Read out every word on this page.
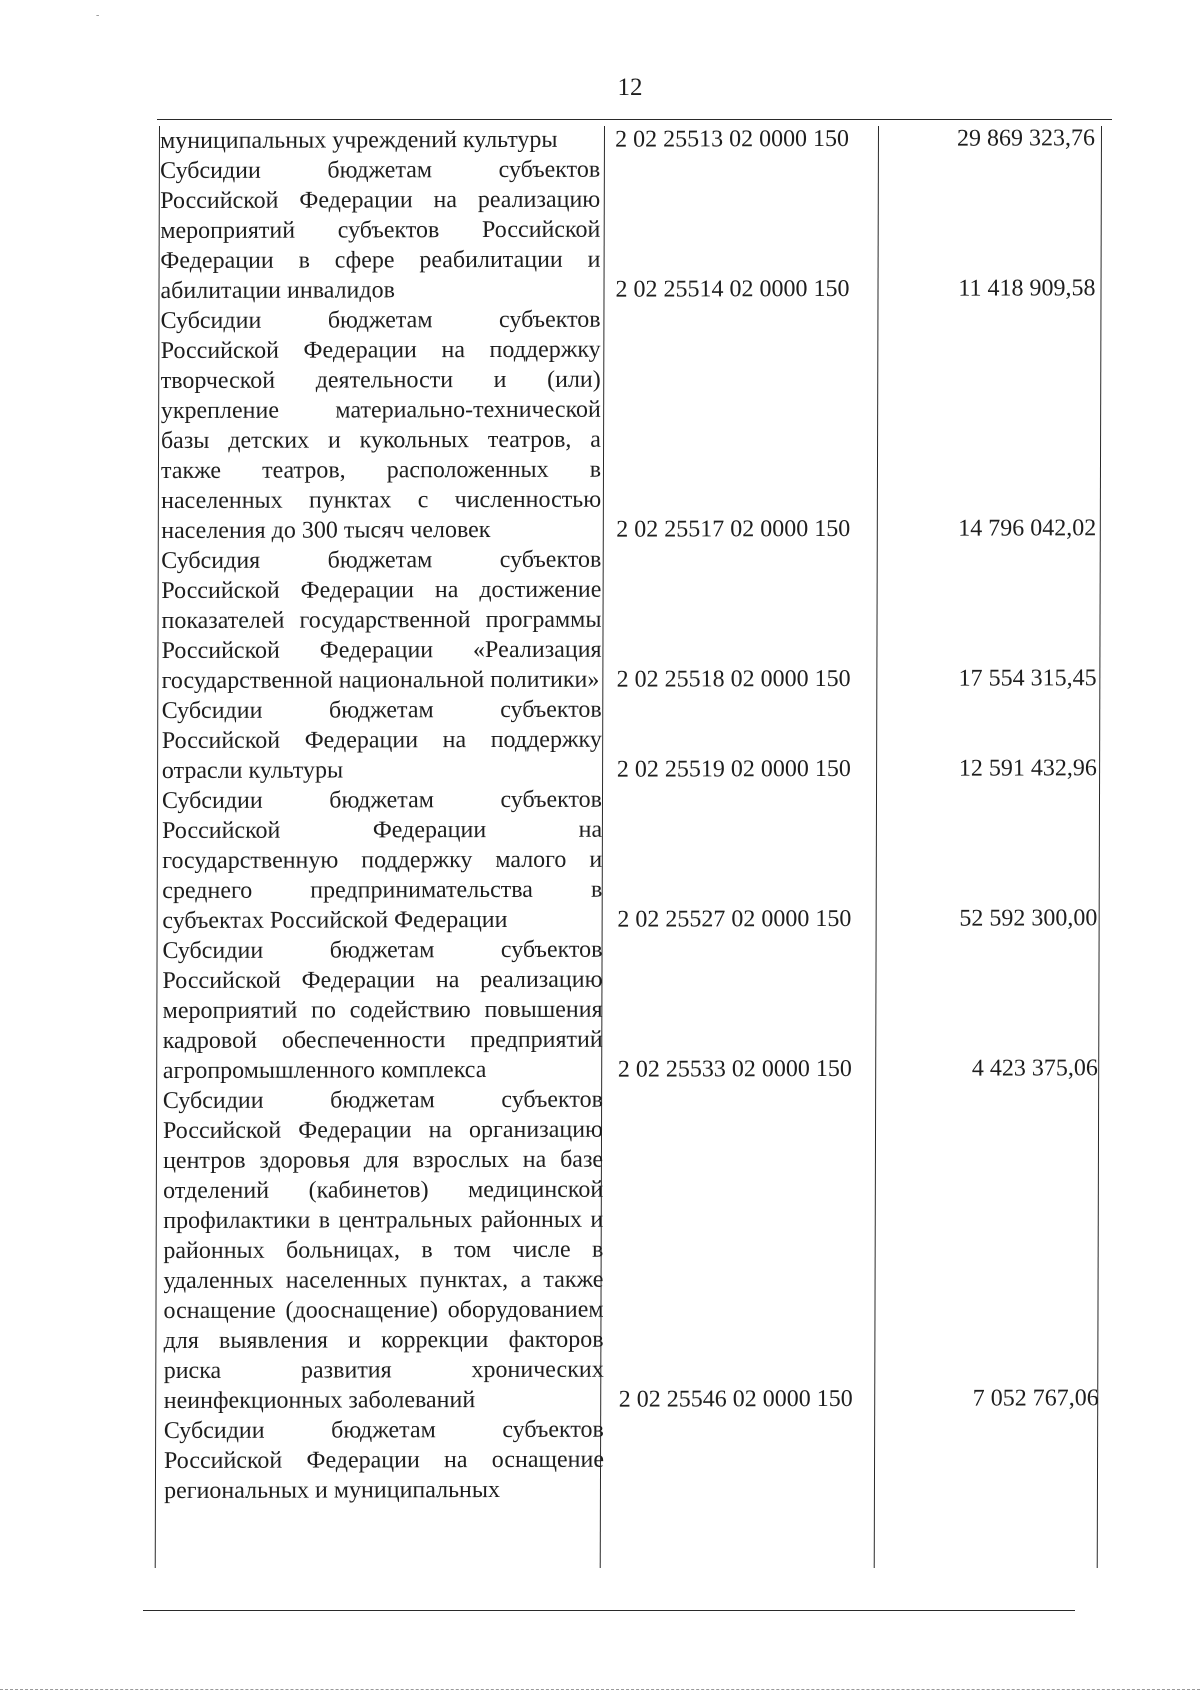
-
12
муниципальных учреждений культуры	2 02 25513 02 0000 150	29 869 323,76
Субсидии бюджетам субъектов Российской Федерации на реализацию мероприятий субъектов Российской Федерации в сфере реабилитации и абилитации инвалидов	2 02 25514 02 0000 150	11 418 909,58
Субсидии бюджетам субъектов Российской Федерации на поддержку творческой деятельности и (или) укрепление материально-технической базы детских и кукольных театров, а также театров, расположенных в населенных пунктах с численностью населения до 300 тысяч человек	2 02 25517 02 0000 150	14 796 042,02
Субсидия бюджетам субъектов Российской Федерации на достижение показателей государственной программы Российской Федерации «Реализация государственной национальной политики» 2 02 25518 02 0000 150	17 554 315,45
Субсидии бюджетам субъектов Российской Федерации на поддержку отрасли культуры	2 02 25519 02 0000 150	12 591 432,96
Субсидии бюджетам субъектов Российской Федерации на государственную поддержку малого и среднего предпринимательства в субъектах Российской Федерации	2 02 25527 02 0000 150	52 592 300,00
Субсидии бюджетам субъектов Российской Федерации на реализацию мероприятий по содействию повышения кадровой обеспеченности предприятий агропромышленного комплекса	2 02 25533 02 0000 150	4 423 375,06
Субсидии бюджетам субъектов Российской Федерации на организацию центров здоровья для взрослых на базе отделений (кабинетов) медицинской профилактики в центральных районных и районных больницах, в том числе в удаленных населенных пунктах, а также оснащение (дооснащение) оборудованием для выявления и коррекции факторов риска развития хронических неинфекционных заболеваний	2 02 25546 02 0000 150	7 052 767,06
Субсидии бюджетам субъектов Российской Федерации на оснащение региональных и муниципальных
